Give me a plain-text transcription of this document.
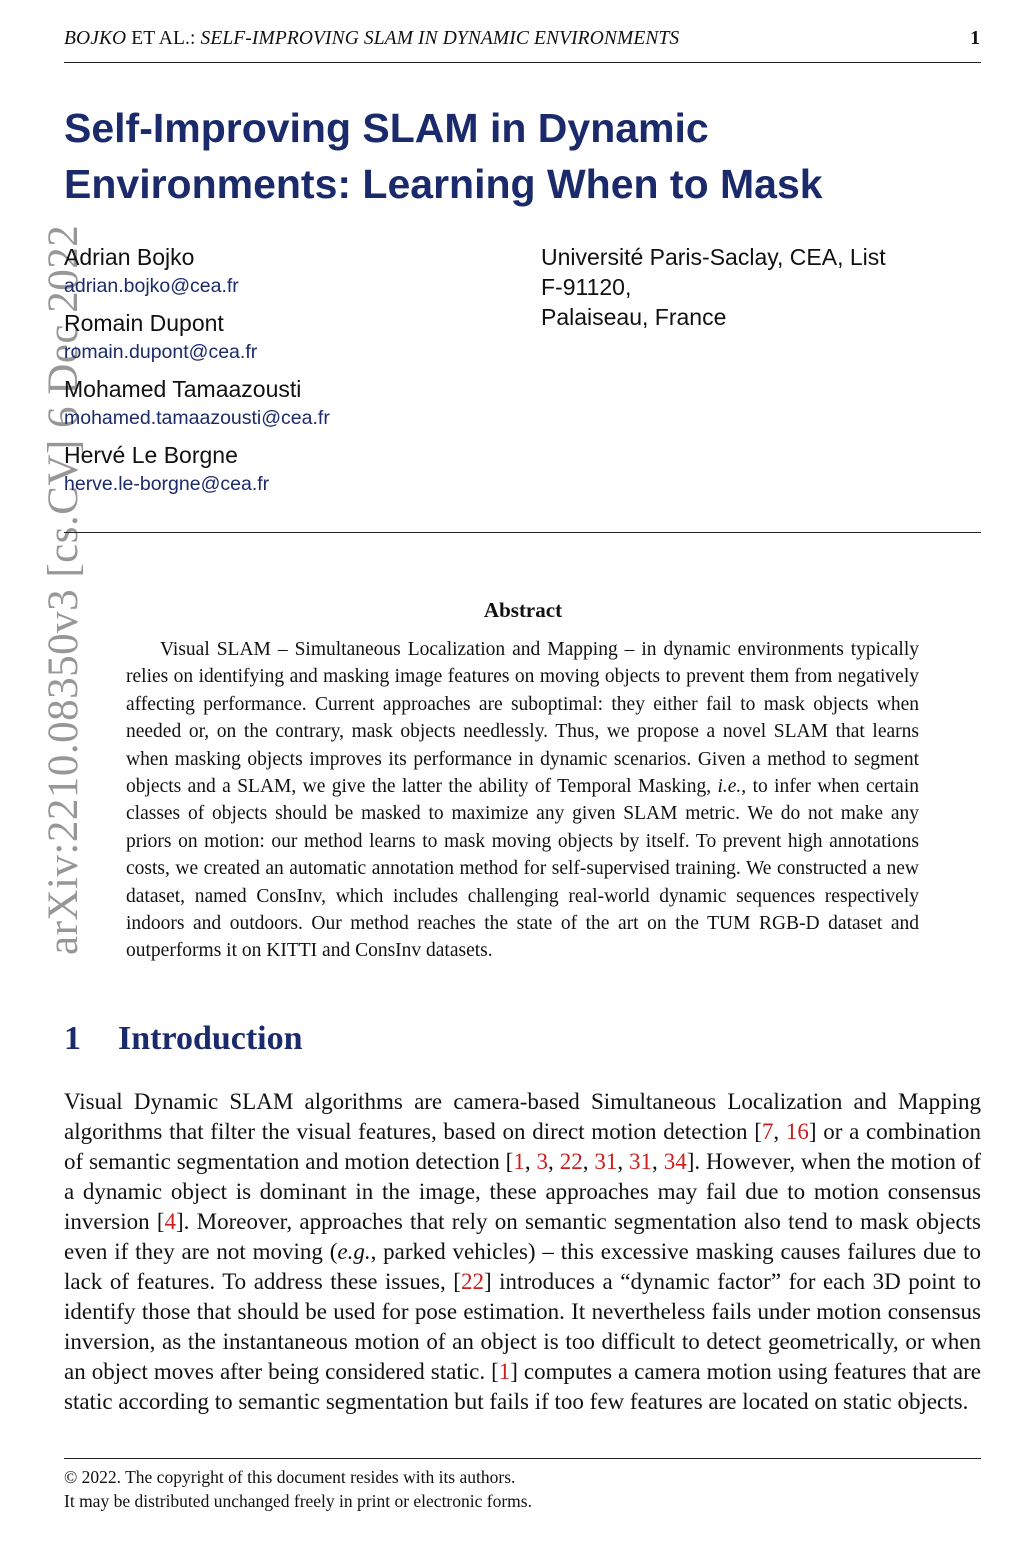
BOJKO ET AL.: SELF-IMPROVING SLAM IN DYNAMIC ENVIRONMENTS	1
arXiv:2210.08350v3 [cs.CV] 6 Dec 2022
Self-Improving SLAM in Dynamic Environments: Learning When to Mask
Adrian Bojko
adrian.bojko@cea.fr
Romain Dupont
romain.dupont@cea.fr
Mohamed Tamaazousti
mohamed.tamaazousti@cea.fr
Hervé Le Borgne
herve.le-borgne@cea.fr
Université Paris-Saclay, CEA, List
F-91120,
Palaiseau, France
Abstract

Visual SLAM – Simultaneous Localization and Mapping – in dynamic environments typically relies on identifying and masking image features on moving objects to prevent them from negatively affecting performance. Current approaches are suboptimal: they either fail to mask objects when needed or, on the contrary, mask objects needlessly. Thus, we propose a novel SLAM that learns when masking objects improves its performance in dynamic scenarios. Given a method to segment objects and a SLAM, we give the latter the ability of Temporal Masking, i.e., to infer when certain classes of objects should be masked to maximize any given SLAM metric. We do not make any priors on motion: our method learns to mask moving objects by itself. To prevent high annotations costs, we created an automatic annotation method for self-supervised training. We constructed a new dataset, named ConsInv, which includes challenging real-world dynamic sequences respectively indoors and outdoors. Our method reaches the state of the art on the TUM RGB-D dataset and outperforms it on KITTI and ConsInv datasets.

1 Introduction

Visual Dynamic SLAM algorithms are camera-based Simultaneous Localization and Mapping algorithms that filter the visual features, based on direct motion detection [7, 16] or a combination of semantic segmentation and motion detection [1, 3, 22, 31, 31, 34]. However, when the motion of a dynamic object is dominant in the image, these approaches may fail due to motion consensus inversion [4]. Moreover, approaches that rely on semantic segmentation also tend to mask objects even if they are not moving (e.g., parked vehicles) – this excessive masking causes failures due to lack of features. To address these issues, [22] introduces a “dynamic factor” for each 3D point to identify those that should be used for pose estimation. It nevertheless fails under motion consensus inversion, as the instantaneous motion of an object is too difficult to detect geometrically, or when an object moves after being considered static. [1] computes a camera motion using features that are static according to semantic segmentation but fails if too few features are located on static objects.

© 2022. The copyright of this document resides with its authors.
It may be distributed unchanged freely in print or electronic forms.
